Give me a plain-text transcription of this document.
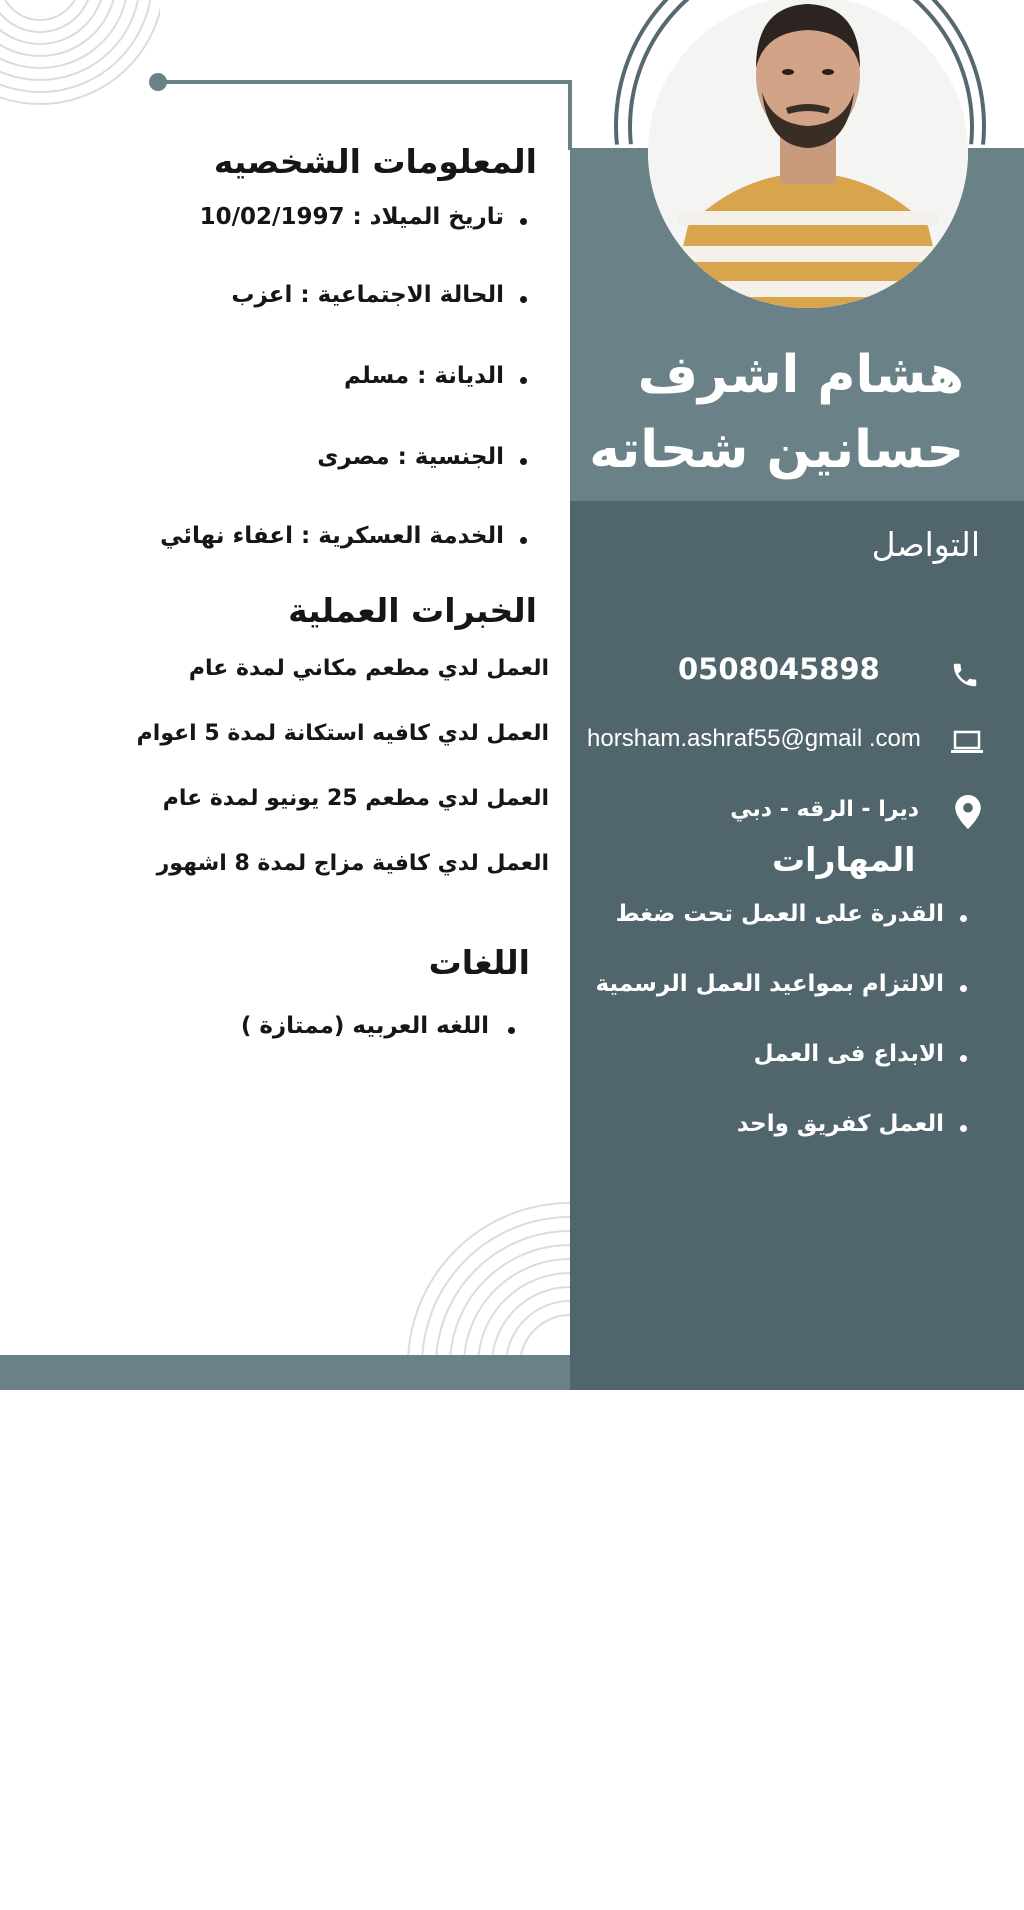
هشام اشرف
حسانين شحاته
المعلومات الشخصيه
تاريخ الميلاد : 10/02/1997
الحالة الاجتماعية : اعزب
الديانة : مسلم
الجنسية : مصرى
الخدمة العسكرية : اعفاء نهائي
الخبرات العملية
العمل لدي مطعم مكاني لمدة عام
العمل لدي كافيه استكانة لمدة 5 اعوام
العمل لدي مطعم 25 يونيو لمدة عام
العمل لدي كافية مزاج لمدة 8 اشهور
اللغات
اللغه العربيه (ممتازة )
التواصل
0508045898
horsham.ashraf55@gmail .com
ديرا - الرقه - دبي
المهارات
القدرة على العمل تحت ضغط
الالتزام بمواعيد العمل الرسمية
الابداع فى العمل
العمل كفريق واحد
